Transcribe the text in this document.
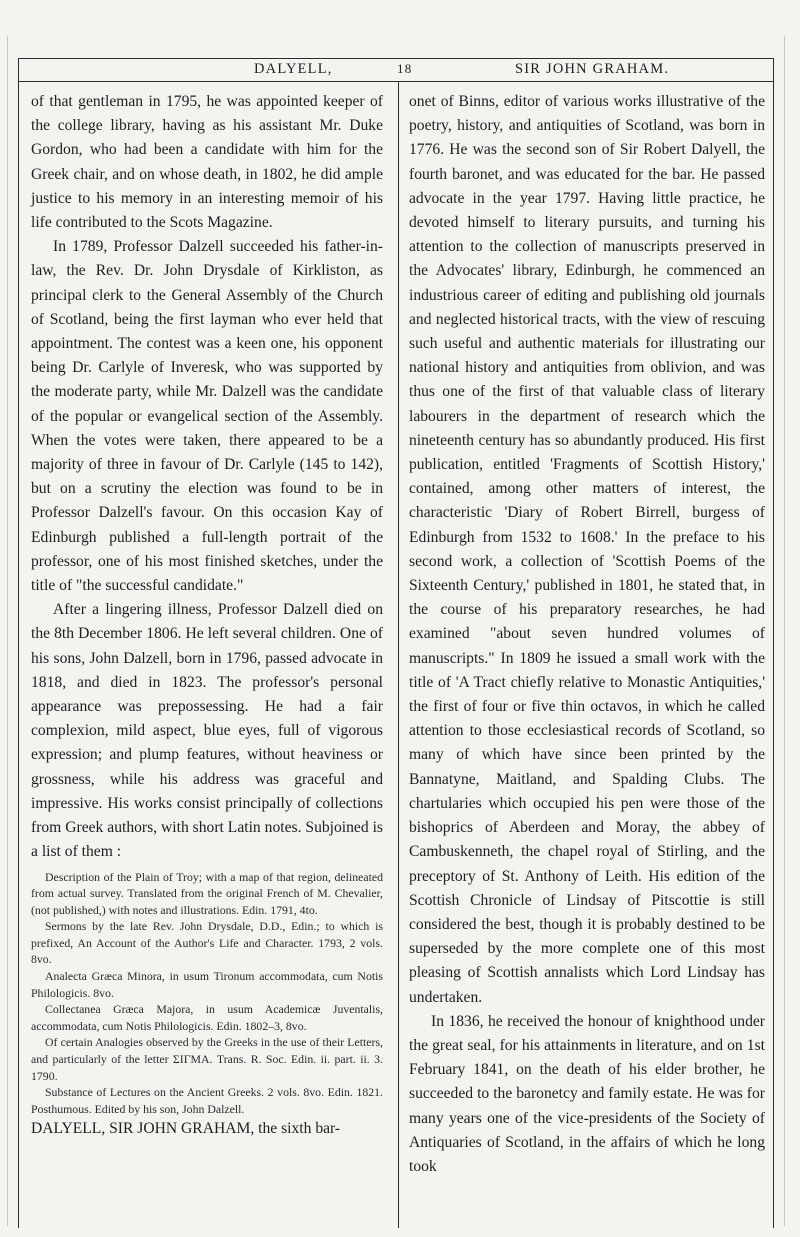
DALYELL,	18	SIR JOHN GRAHAM.

of that gentleman in 1795, he was appointed keeper of the college library, having as his assistant Mr. Duke Gordon, who had been a candidate with him for the Greek chair, and on whose death, in 1802, he did ample justice to his memory in an interesting memoir of his life contributed to the Scots Magazine.

In 1789, Professor Dalzell succeeded his father-in-law, the Rev. Dr. John Drysdale of Kirkliston, as principal clerk to the General Assembly of the Church of Scotland, being the first layman who ever held that appointment. The contest was a keen one, his opponent being Dr. Carlyle of Inveresk, who was supported by the moderate party, while Mr. Dalzell was the candidate of the popular or evangelical section of the Assembly. When the votes were taken, there appeared to be a majority of three in favour of Dr. Carlyle (145 to 142), but on a scrutiny the election was found to be in Professor Dalzell's favour. On this occasion Kay of Edinburgh published a full-length portrait of the professor, one of his most finished sketches, under the title of "the successful candidate."

After a lingering illness, Professor Dalzell died on the 8th December 1806. He left several children. One of his sons, John Dalzell, born in 1796, passed advocate in 1818, and died in 1823. The professor's personal appearance was prepossessing. He had a fair complexion, mild aspect, blue eyes, full of vigorous expression; and plump features, without heaviness or grossness, while his address was graceful and impressive. His works consist principally of collections from Greek authors, with short Latin notes. Subjoined is a list of them :

Description of the Plain of Troy; with a map of that region, delineated from actual survey. Translated from the original French of M. Chevalier, (not published,) with notes and illustrations. Edin. 1791, 4to.

Sermons by the late Rev. John Drysdale, D.D., Edin.; to which is prefixed, An Account of the Author's Life and Character. 1793, 2 vols. 8vo.

Analecta Græca Minora, in usum Tironum accommodata, cum Notis Philologicis. 8vo.

Collectanea Græca Majora, in usum Academicæ Juventalis, accommodata, cum Notis Philologicis. Edin. 1802–3, 8vo.

Of certain Analogies observed by the Greeks in the use of their Letters, and particularly of the letter ΣΙΓΜΑ. Trans. R. Soc. Edin. ii. part. ii. 3. 1790.

Substance of Lectures on the Ancient Greeks. 2 vols. 8vo. Edin. 1821. Posthumous. Edited by his son, John Dalzell.

DALYELL, SIR JOHN GRAHAM, the sixth bar-

onet of Binns, editor of various works illustrative of the poetry, history, and antiquities of Scotland, was born in 1776. He was the second son of Sir Robert Dalyell, the fourth baronet, and was educated for the bar. He passed advocate in the year 1797. Having little practice, he devoted himself to literary pursuits, and turning his attention to the collection of manuscripts preserved in the Advocates' library, Edinburgh, he commenced an industrious career of editing and publishing old journals and neglected historical tracts, with the view of rescuing such useful and authentic materials for illustrating our national history and antiquities from oblivion, and was thus one of the first of that valuable class of literary labourers in the department of research which the nineteenth century has so abundantly produced. His first publication, entitled 'Fragments of Scottish History,' contained, among other matters of interest, the characteristic 'Diary of Robert Birrell, burgess of Edinburgh from 1532 to 1608.' In the preface to his second work, a collection of 'Scottish Poems of the Sixteenth Century,' published in 1801, he stated that, in the course of his preparatory researches, he had examined "about seven hundred volumes of manuscripts." In 1809 he issued a small work with the title of 'A Tract chiefly relative to Monastic Antiquities,' the first of four or five thin octavos, in which he called attention to those ecclesiastical records of Scotland, so many of which have since been printed by the Bannatyne, Maitland, and Spalding Clubs. The chartularies which occupied his pen were those of the bishoprics of Aberdeen and Moray, the abbey of Cambuskenneth, the chapel royal of Stirling, and the preceptory of St. Anthony of Leith. His edition of the Scottish Chronicle of Lindsay of Pitscottie is still considered the best, though it is probably destined to be superseded by the more complete one of this most pleasing of Scottish annalists which Lord Lindsay has undertaken.

In 1836, he received the honour of knighthood under the great seal, for his attainments in literature, and on 1st February 1841, on the death of his elder brother, he succeeded to the baronetcy and family estate. He was for many years one of the vice-presidents of the Society of Antiquaries of Scotland, in the affairs of which he long took
